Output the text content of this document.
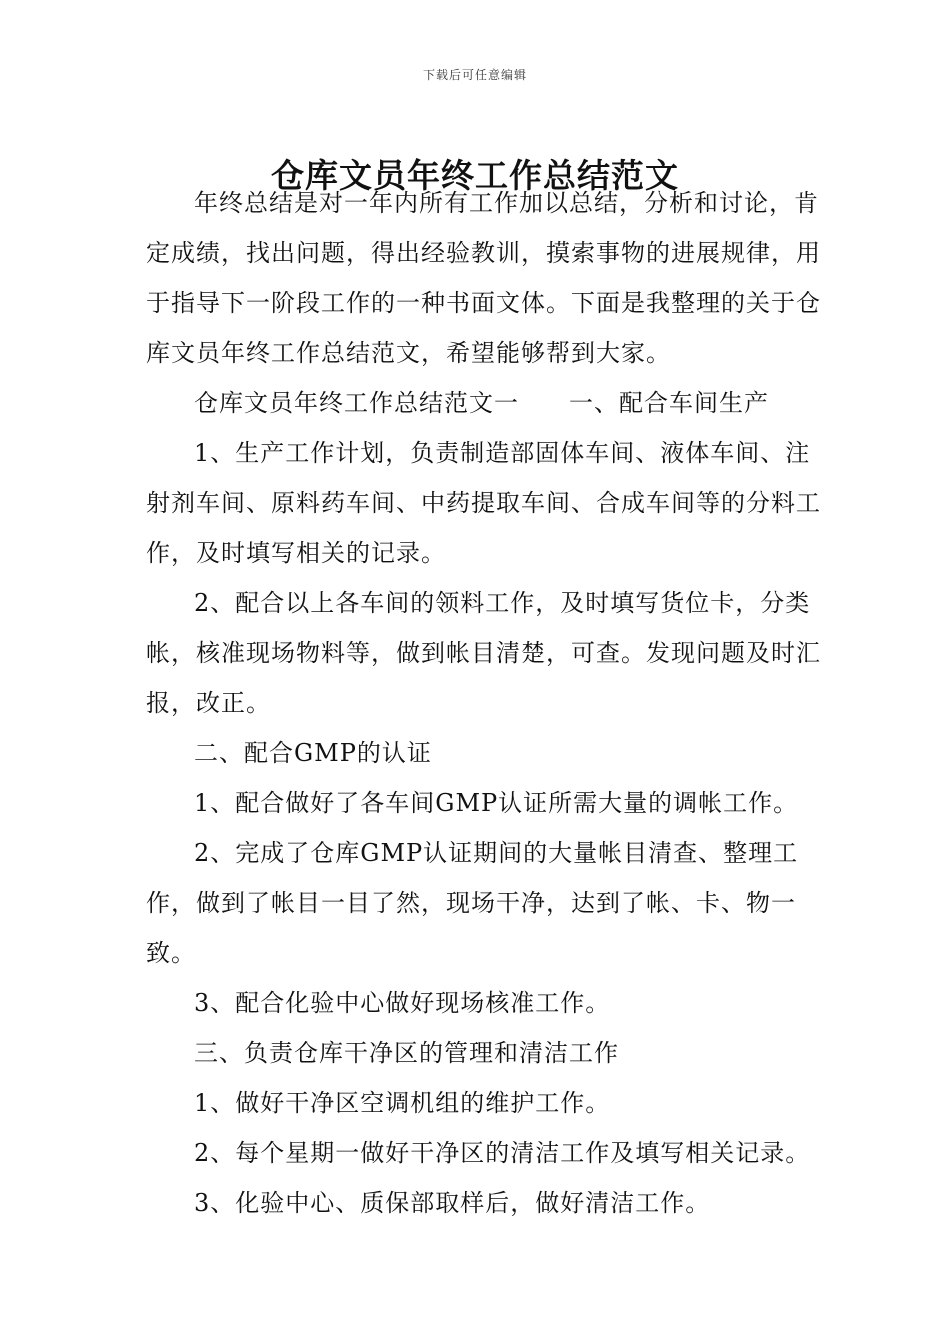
下载后可任意编辑
仓库文员年终工作总结范文

年终总结是对一年内所有工作加以总结，分析和讨论，肯定成绩，找出问题，得出经验教训，摸索事物的进展规律，用于指导下一阶段工作的一种书面文体。下面是我整理的关于仓库文员年终工作总结范文，希望能够帮到大家。

仓库文员年终工作总结范文一　　一、配合车间生产

1、生产工作计划，负责制造部固体车间、液体车间、注射剂车间、原料药车间、中药提取车间、合成车间等的分料工作，及时填写相关的记录。

2、配合以上各车间的领料工作，及时填写货位卡，分类帐，核准现场物料等，做到帐目清楚，可查。发现问题及时汇报，改正。

二、配合GMP的认证

1、配合做好了各车间GMP认证所需大量的调帐工作。

2、完成了仓库GMP认证期间的大量帐目清查、整理工作，做到了帐目一目了然，现场干净，达到了帐、卡、物一致。

3、配合化验中心做好现场核准工作。

三、负责仓库干净区的管理和清洁工作

1、做好干净区空调机组的维护工作。

2、每个星期一做好干净区的清洁工作及填写相关记录。

3、化验中心、质保部取样后，做好清洁工作。
